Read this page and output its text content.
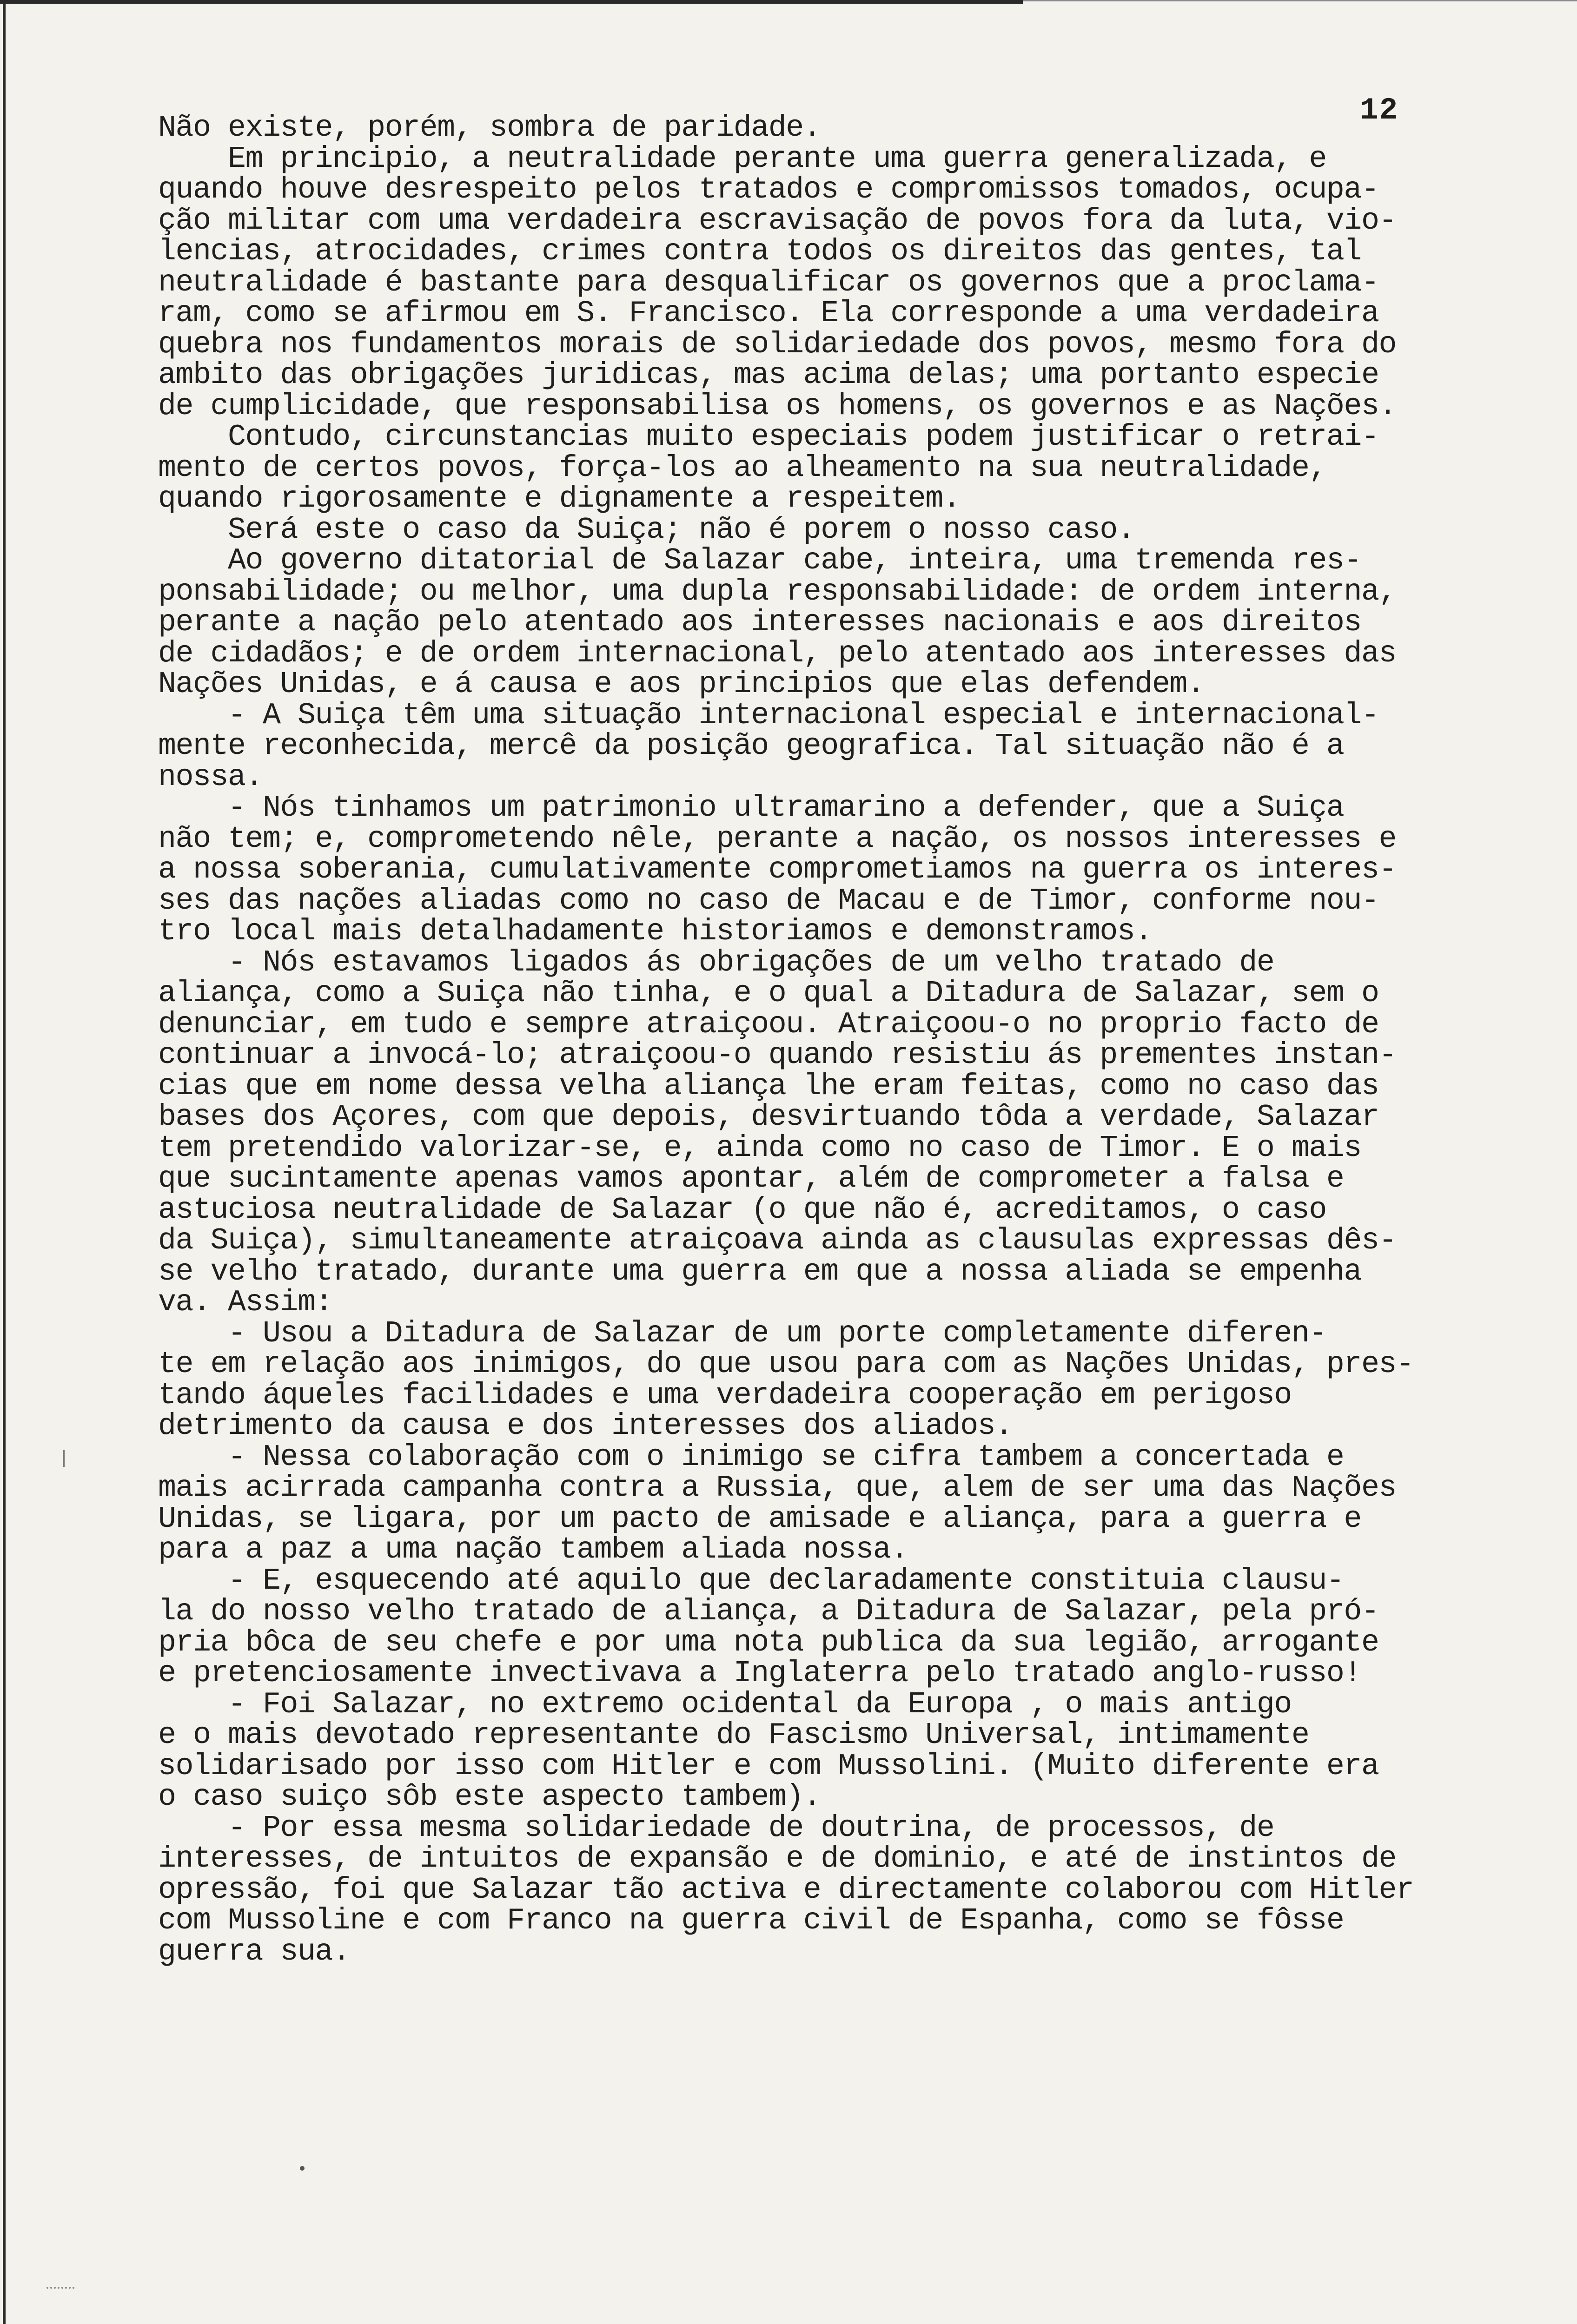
12
Não existe, porém, sombra de paridade.
Em principio, a neutralidade perante uma guerra generalizada, e
quando houve desrespeito pelos tratados e compromissos tomados, ocupa-
ção militar com uma verdadeira escravisação de povos fora da luta, vio-
lencias, atrocidades, crimes contra todos os direitos das gentes, tal
neutralidade é bastante para desqualificar os governos que a proclama-
ram, como se afirmou em S. Francisco. Ela corresponde a uma verdadeira
quebra nos fundamentos morais de solidariedade dos povos, mesmo fora do
ambito das obrigações juridicas, mas acima delas; uma portanto especie
de cumplicidade, que responsabilisa os homens, os governos e as Nações.
Contudo, circunstancias muito especiais podem justificar o retrai-
mento de certos povos, força-los ao alheamento na sua neutralidade,
quando rigorosamente e dignamente a respeitem.
Será este o caso da Suiça; não é porem o nosso caso.
Ao governo ditatorial de Salazar cabe, inteira, uma tremenda res-
ponsabilidade; ou melhor, uma dupla responsabilidade: de ordem interna,
perante a nação pelo atentado aos interesses nacionais e aos direitos
de cidadãos; e de ordem internacional, pelo atentado aos interesses das
Nações Unidas, e á causa e aos principios que elas defendem.
- A Suiça têm uma situação internacional especial e internacional-
mente reconhecida, mercê da posição geografica. Tal situação não é a
nossa.
- Nós tinhamos um patrimonio ultramarino a defender, que a Suiça
não tem; e, comprometendo nêle, perante a nação, os nossos interesses e
a nossa soberania, cumulativamente comprometiamos na guerra os interes-
ses das nações aliadas como no caso de Macau e de Timor, conforme nou-
tro local mais detalhadamente historiamos e demonstramos.
- Nós estavamos ligados ás obrigações de um velho tratado de
aliança, como a Suiça não tinha, e o qual a Ditadura de Salazar, sem o
denunciar, em tudo e sempre atraiçoou. Atraiçoou-o no proprio facto de
continuar a invocá-lo; atraiçoou-o quando resistiu ás prementes instan-
cias que em nome dessa velha aliança lhe eram feitas, como no caso das
bases dos Açores, com que depois, desvirtuando tôda a verdade, Salazar
tem pretendido valorizar-se, e, ainda como no caso de Timor. E o mais
que sucintamente apenas vamos apontar, além de comprometer a falsa e
astuciosa neutralidade de Salazar (o que não é, acreditamos, o caso
da Suiça), simultaneamente atraiçoava ainda as clausulas expressas dês-
se velho tratado, durante uma guerra em que a nossa aliada se empenha
va. Assim:
- Usou a Ditadura de Salazar de um porte completamente diferen-
te em relação aos inimigos, do que usou para com as Nações Unidas, pres-
tando áqueles facilidades e uma verdadeira cooperação em perigoso
detrimento da causa e dos interesses dos aliados.
- Nessa colaboração com o inimigo se cifra tambem a concertada e
mais acirrada campanha contra a Russia, que, alem de ser uma das Nações
Unidas, se ligara, por um pacto de amisade e aliança, para a guerra e
para a paz a uma nação tambem aliada nossa.
- E, esquecendo até aquilo que declaradamente constituia clausu-
la do nosso velho tratado de aliança, a Ditadura de Salazar, pela pró-
pria bôca de seu chefe e por uma nota publica da sua legião, arrogante
e pretenciosamente invectivava a Inglaterra pelo tratado anglo-russo!
- Foi Salazar, no extremo ocidental da Europa , o mais antigo
e o mais devotado representante do Fascismo Universal, intimamente
solidarisado por isso com Hitler e com Mussolini. (Muito diferente era
o caso suiço sôb este aspecto tambem).
- Por essa mesma solidariedade de doutrina, de processos, de
interesses, de intuitos de expansão e de dominio, e até de instintos de
opressão, foi que Salazar tão activa e directamente colaborou com Hitler
com Mussoline e com Franco na guerra civil de Espanha, como se fôsse
guerra sua.
